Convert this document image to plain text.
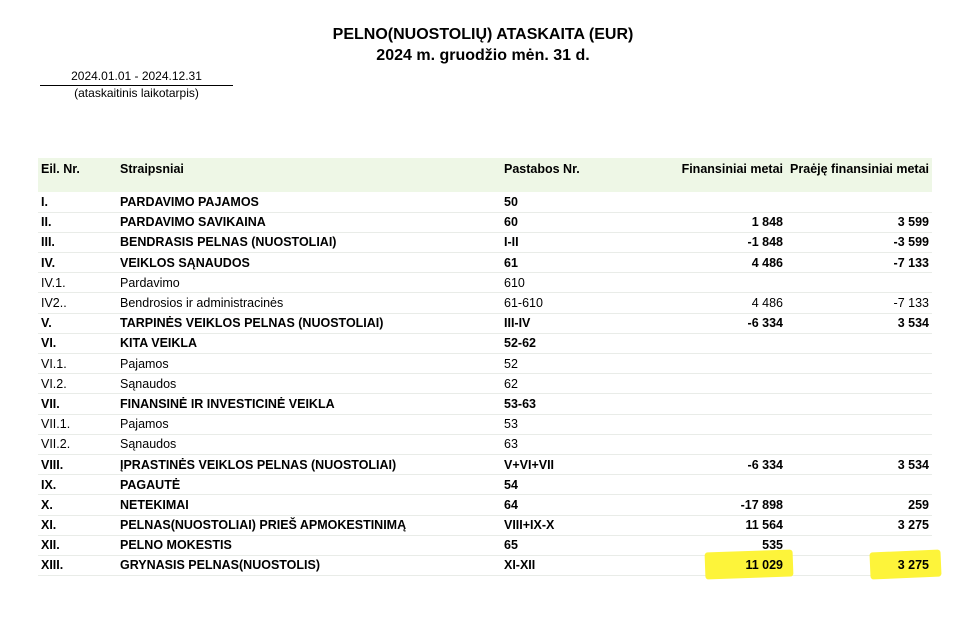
PELNO(NUOSTOLIŲ) ATASKAITA (EUR)
2024 m. gruodžio mėn. 31 d.
2024.01.01 - 2024.12.31
(ataskaitinis laikotarpis)
Eil. Nr.	Straipsniai	Pastabos Nr.	Finansiniai metai	Praėję finansiniai metai
I.	PARDAVIMO PAJAMOS	50		
II.	PARDAVIMO SAVIKAINA	60	1 848	3 599
III.	BENDRASIS PELNAS (NUOSTOLIAI)	I-II	-1 848	-3 599
IV.	VEIKLOS SĄNAUDOS	61	4 486	-7 133
IV.1.	Pardavimo	610		
IV2..	Bendrosios ir administracinės	61-610	4 486	-7 133
V.	TARPINĖS VEIKLOS PELNAS (NUOSTOLIAI)	III-IV	-6 334	3 534
VI.	KITA VEIKLA	52-62		
VI.1.	Pajamos	52		
VI.2.	Sąnaudos	62		
VII.	FINANSINĖ IR INVESTICINĖ VEIKLA	53-63		
VII.1.	Pajamos	53		
VII.2.	Sąnaudos	63		
VIII.	ĮPRASTINĖS VEIKLOS PELNAS (NUOSTOLIAI)	V+VI+VII	-6 334	3 534
IX.	PAGAUTĖ	54		
X.	NETEKIMAI	64	-17 898	259
XI.	PELNAS(NUOSTOLIAI) PRIEŠ APMOKESTINIMĄ	VIII+IX-X	11 564	3 275
XII.	PELNO MOKESTIS	65	535	
XIII.	GRYNASIS PELNAS(NUOSTOLIS)	XI-XII	11 029	3 275
